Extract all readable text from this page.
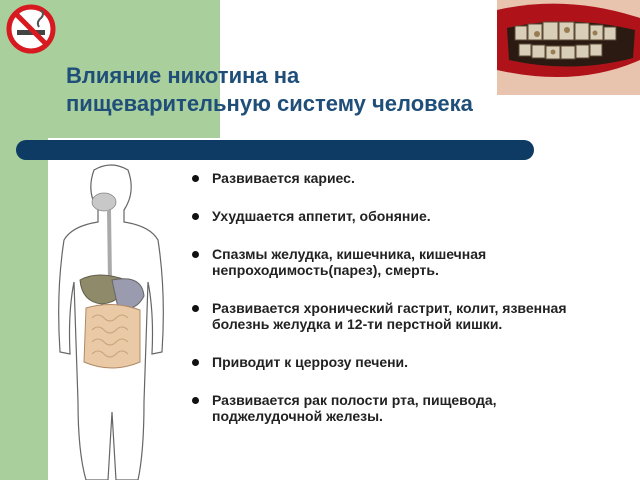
Влияние никотина на пищеварительную систему человека
Развивается кариес.
Ухудшается аппетит, обоняние.
Спазмы желудка, кишечника, кишечная непроходимость(парез), смерть.
Развивается хронический гастрит, колит, язвенная болезнь желудка и 12-ти перстной кишки.
Приводит к церрозу печени.
Развивается рак полости рта, пищевода, поджелудочной железы.
